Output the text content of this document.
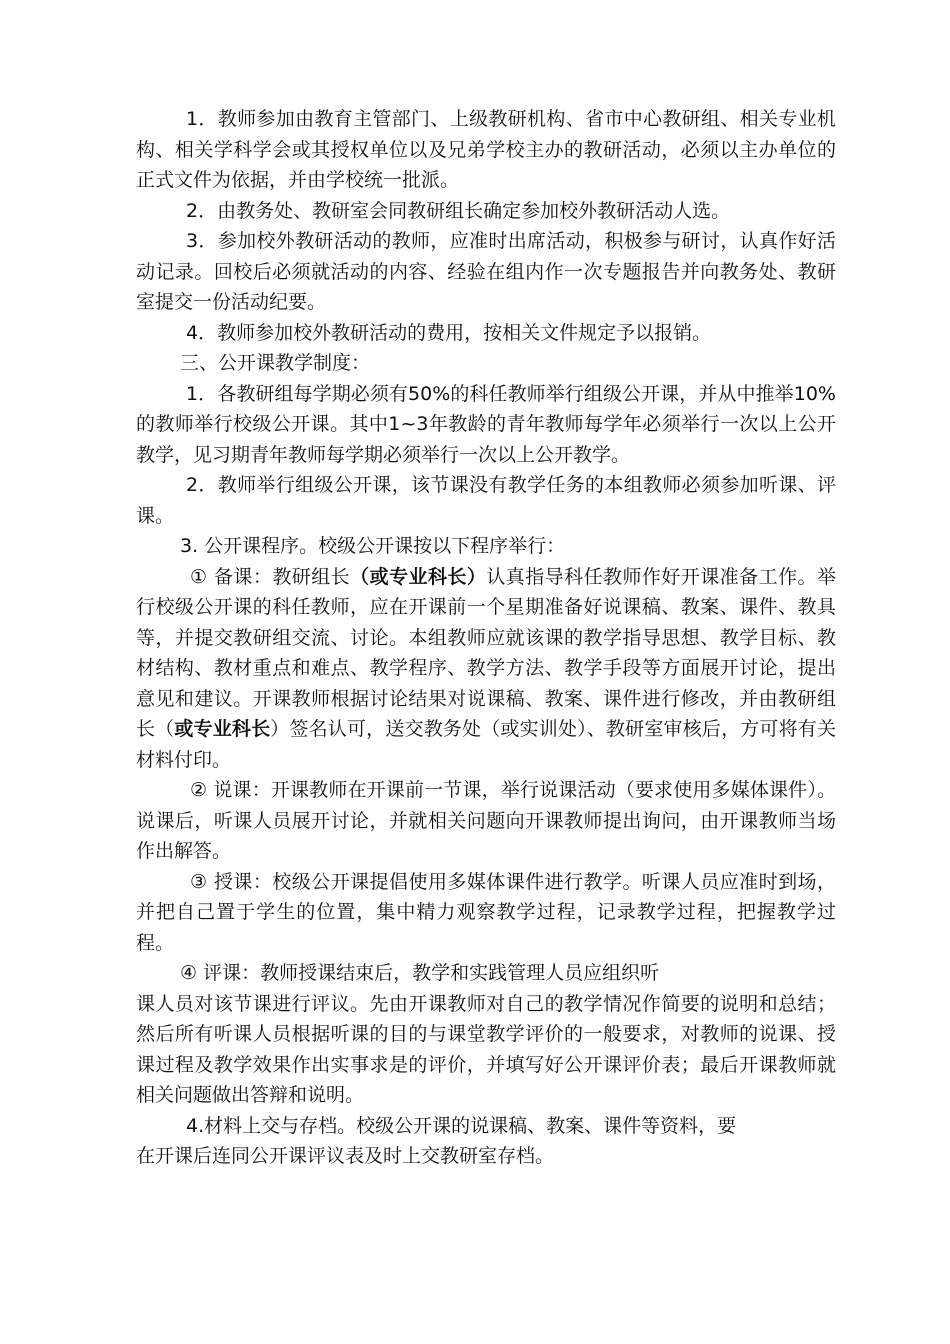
1．教师参加由教育主管部门、上级教研机构、省市中心教研组、相关专业机构、相关学科学会或其授权单位以及兄弟学校主办的教研活动，必须以主办单位的正式文件为依据，并由学校统一批派。

2．由教务处、教研室会同教研组长确定参加校外教研活动人选。

3．参加校外教研活动的教师，应准时出席活动，积极参与研讨，认真作好活动记录。回校后必须就活动的内容、经验在组内作一次专题报告并向教务处、教研室提交一份活动纪要。

4．教师参加校外教研活动的费用，按相关文件规定予以报销。

三、公开课教学制度：

1．各教研组每学期必须有50%的科任教师举行组级公开课，并从中推举10%的教师举行校级公开课。其中1~3年教龄的青年教师每学年必须举行一次以上公开教学，见习期青年教师每学期必须举行一次以上公开教学。

2．教师举行组级公开课，该节课没有教学任务的本组教师必须参加听课、评课。

3. 公开课程序。校级公开课按以下程序举行：

① 备课：教研组长（或专业科长）认真指导科任教师作好开课准备工作。举行校级公开课的科任教师，应在开课前一个星期准备好说课稿、教案、课件、教具等，并提交教研组交流、讨论。本组教师应就该课的教学指导思想、教学目标、教材结构、教材重点和难点、教学程序、教学方法、教学手段等方面展开讨论，提出意见和建议。开课教师根据讨论结果对说课稿、教案、课件进行修改，并由教研组长（或专业科长）签名认可，送交教务处（或实训处）、教研室审核后，方可将有关材料付印。

② 说课：开课教师在开课前一节课，举行说课活动（要求使用多媒体课件）。说课后，听课人员展开讨论，并就相关问题向开课教师提出询问，由开课教师当场作出解答。

③ 授课：校级公开课提倡使用多媒体课件进行教学。听课人员应准时到场，并把自己置于学生的位置，集中精力观察教学过程，记录教学过程，把握教学过程。

④ 评课：教师授课结束后，教学和实践管理人员应组织听

课人员对该节课进行评议。先由开课教师对自己的教学情况作简要的说明和总结；然后所有听课人员根据听课的目的与课堂教学评价的一般要求，对教师的说课、授课过程及教学效果作出实事求是的评价，并填写好公开课评价表；最后开课教师就相关问题做出答辩和说明。

4.材料上交与存档。校级公开课的说课稿、教案、课件等资料，要

在开课后连同公开课评议表及时上交教研室存档。
